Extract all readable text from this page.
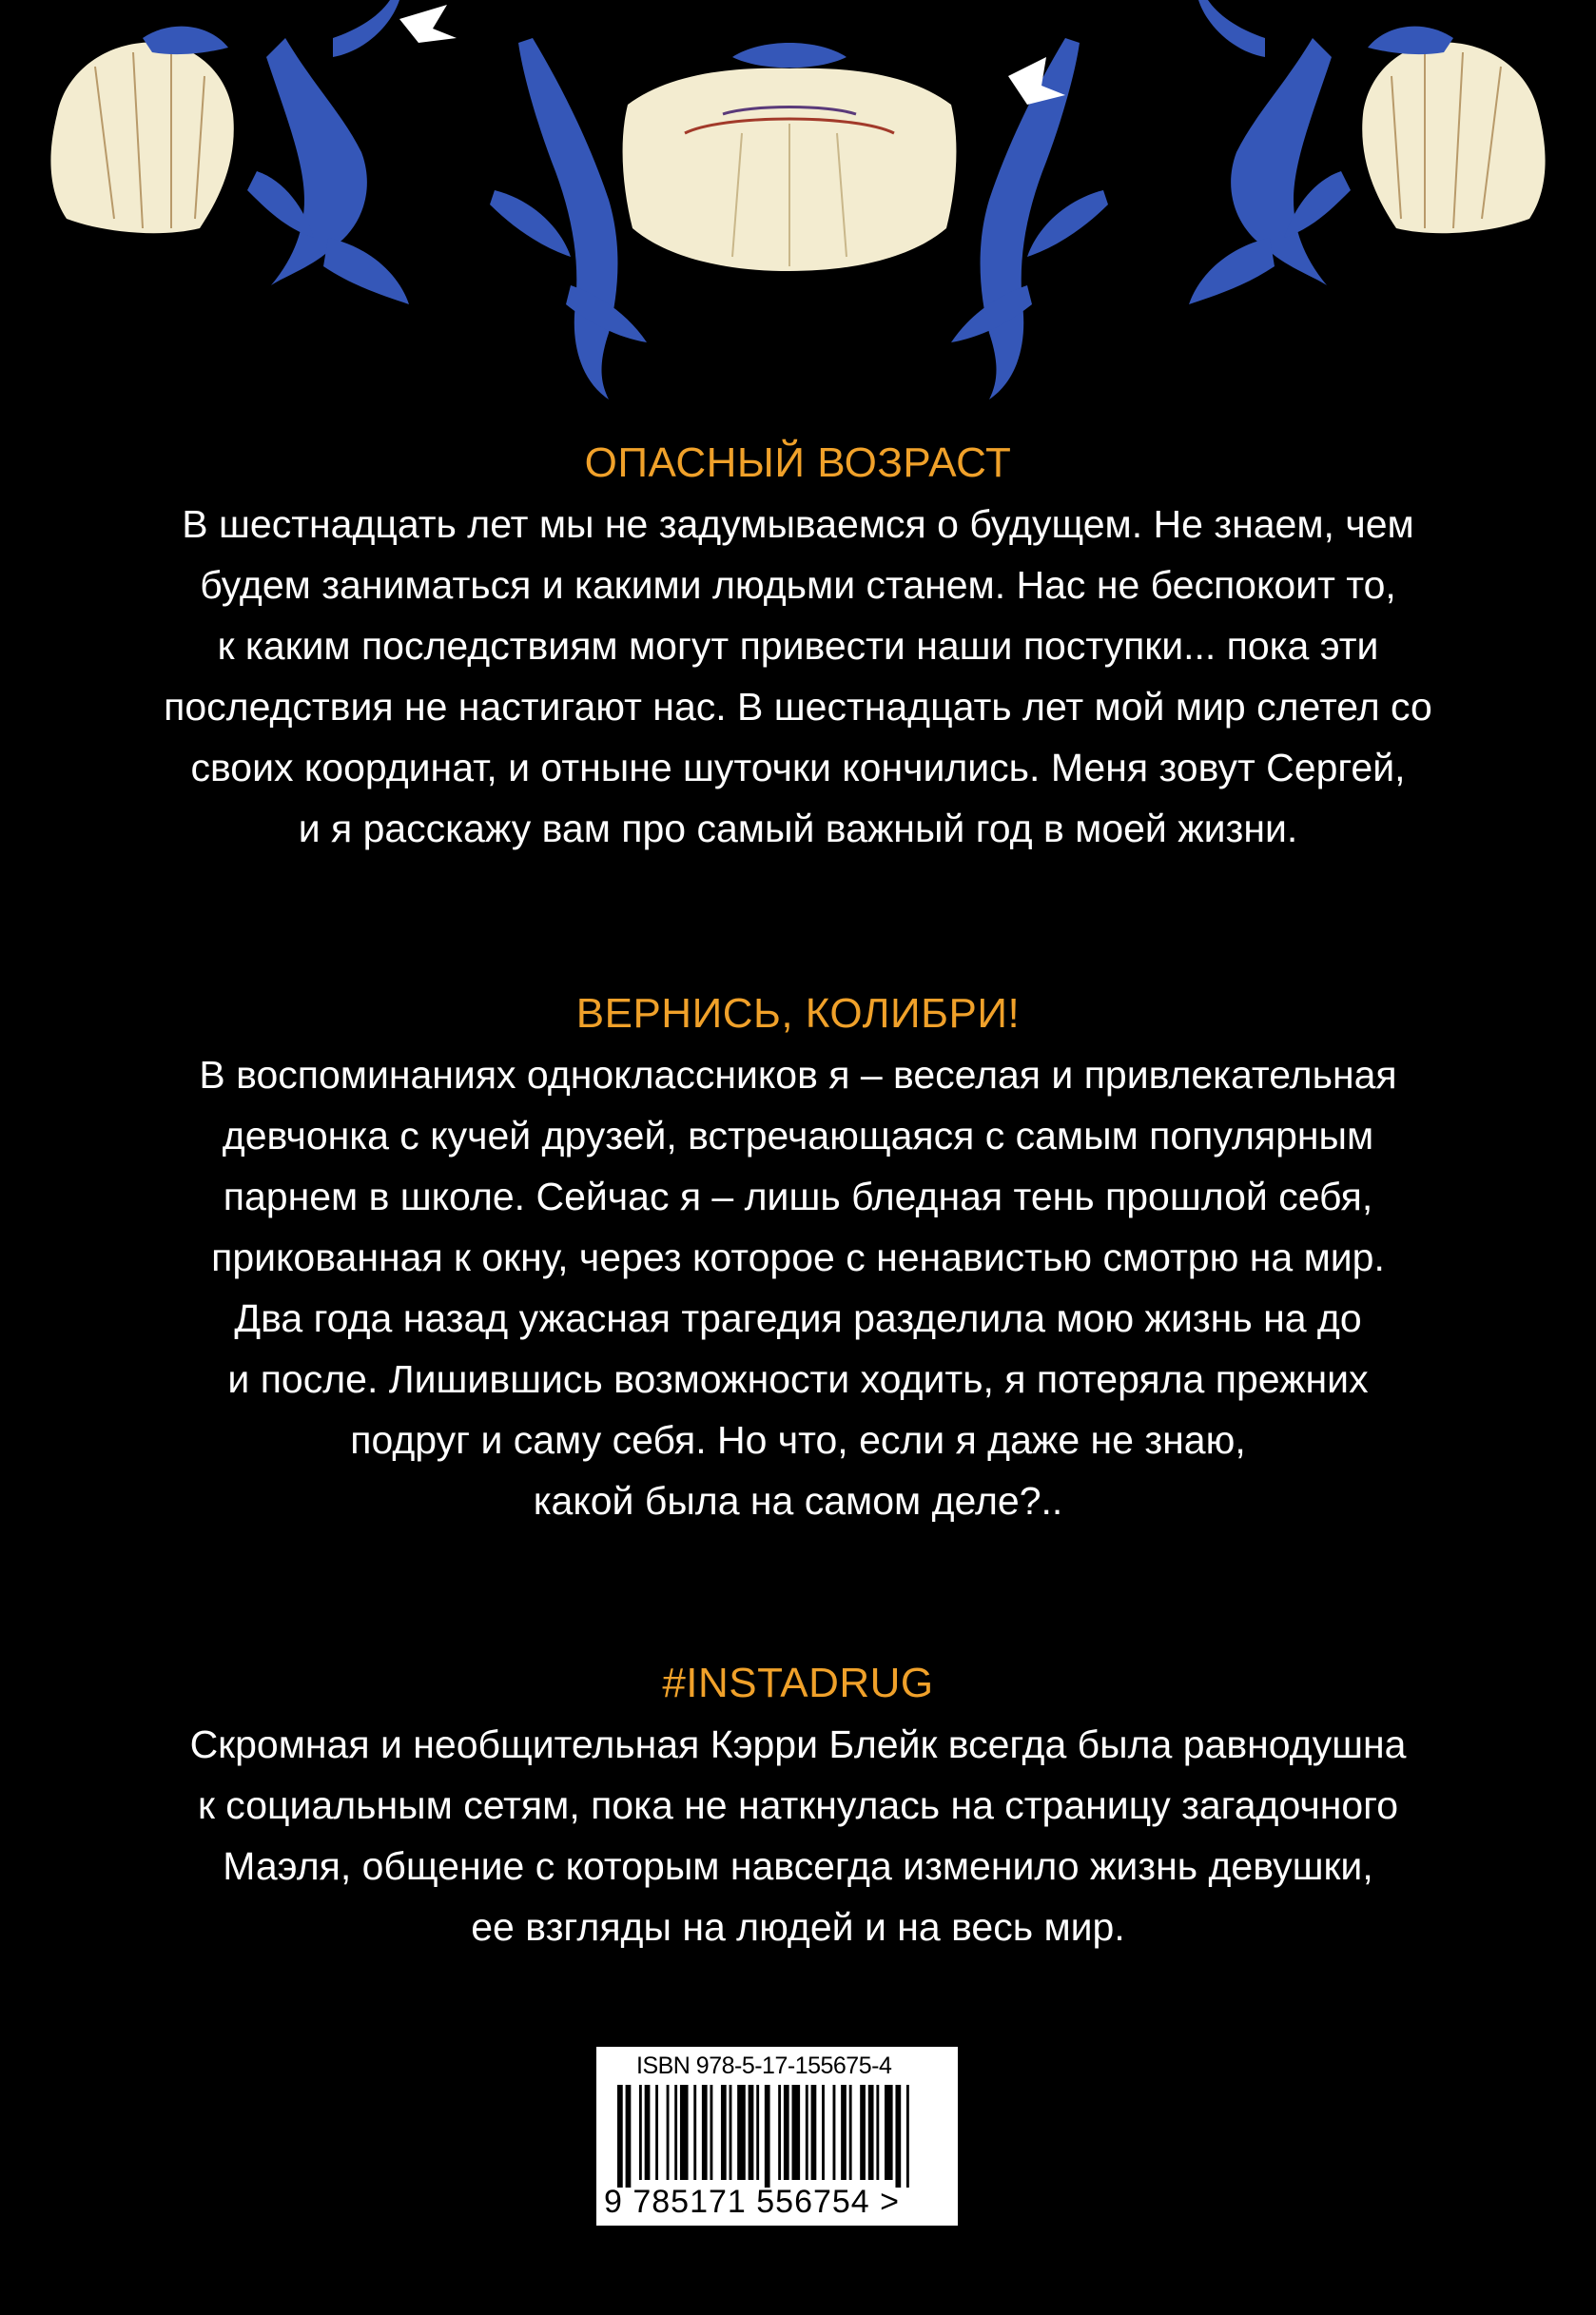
ОПАСНЫЙ ВОЗРАСТ

В шестнадцать лет мы не задумываемся о будущем. Не знаем, чем
будем заниматься и какими людьми станем. Нас не беспокоит то,
к каким последствиям могут привести наши поступки... пока эти
последствия не настигают нас. В шестнадцать лет мой мир слетел со
своих координат, и отныне шуточки кончились. Меня зовут Сергей,
и я расскажу вам про самый важный год в моей жизни.

ВЕРНИСЬ, КОЛИБРИ!

В воспоминаниях одноклассников я – веселая и привлекательная
девчонка с кучей друзей, встречающаяся с самым популярным
парнем в школе. Сейчас я – лишь бледная тень прошлой себя,
прикованная к окну, через которое с ненавистью смотрю на мир.
Два года назад ужасная трагедия разделила мою жизнь на до
и после. Лишившись возможности ходить, я потеряла прежних
подруг и саму себя. Но что, если я даже не знаю,
какой была на самом деле?..

#INSTADRUG

Скромная и необщительная Кэрри Блейк всегда была равнодушна
к социальным сетям, пока не наткнулась на страницу загадочного
Маэля, общение с которым навсегда изменило жизнь девушки,
ее взгляды на людей и на весь мир.

ISBN 978-5-17-155675-4
9 785171 556754 >
